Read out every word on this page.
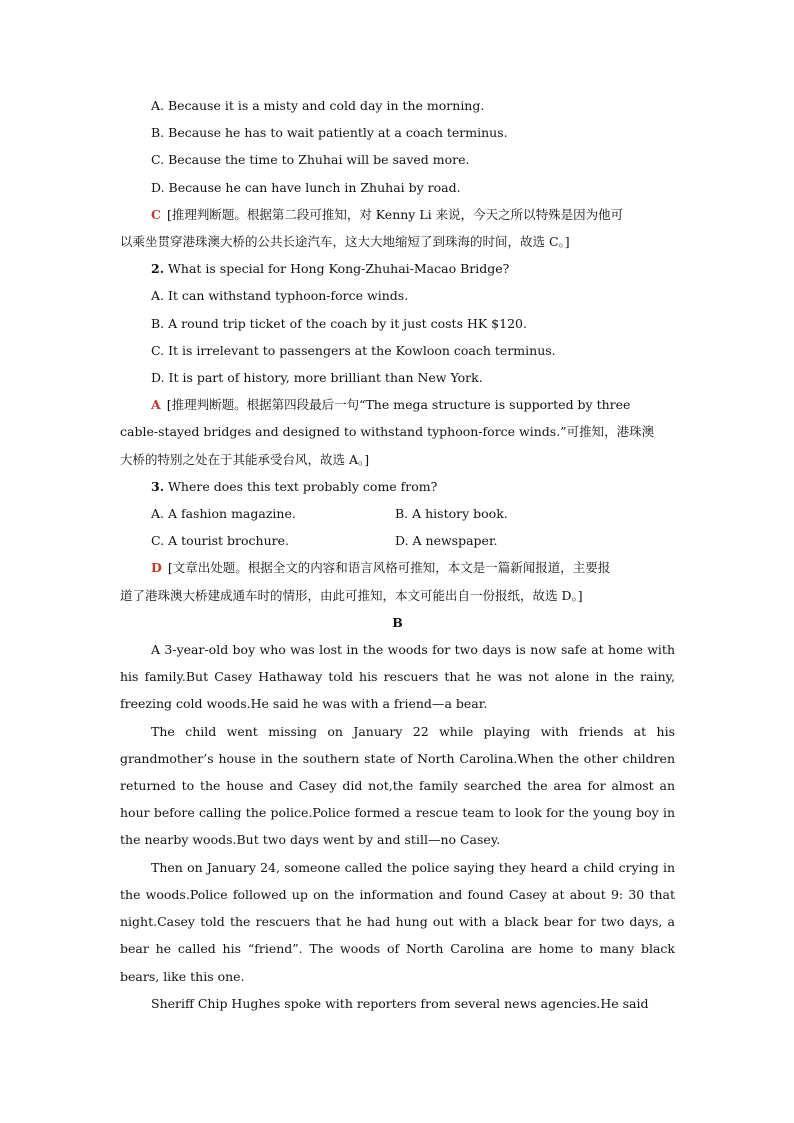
A. Because it is a misty and cold day in the morning.

B. Because he has to wait patiently at a coach terminus.

C. Because the time to Zhuhai will be saved more.

D. Because he can have lunch in Zhuhai by road.

C [推理判断题。根据第二段可推知，对 Kenny Li 来说，今天之所以特殊是因为他可
以乘坐贯穿港珠澳大桥的公共长途汽车，这大大地缩短了到珠海的时间，故选 C。]

2. What is special for Hong Kong-Zhuhai-Macao Bridge?

A. It can withstand typhoon-force winds.

B. A round trip ticket of the coach by it just costs HK $120.

C. It is irrelevant to passengers at the Kowloon coach terminus.

D. It is part of history, more brilliant than New York.

A [推理判断题。根据第四段最后一句“The mega structure is supported by three
cable-stayed bridges and designed to withstand typhoon-force winds.”可推知，港珠澳
大桥的特别之处在于其能承受台风，故选 A。]

3. Where does this text probably come from?

A. A fashion magazine.	B. A history book.
C. A tourist brochure.	D. A newspaper.

D [文章出处题。根据全文的内容和语言风格可推知，本文是一篇新闻报道，主要报
道了港珠澳大桥建成通车时的情形，由此可推知，本文可能出自一份报纸，故选 D。]

B

A 3-year-old boy who was lost in the woods for two days is now safe at home with his family.But Casey Hathaway told his rescuers that he was not alone in the rainy, freezing cold woods.He said he was with a friend—a bear.

The child went missing on January 22 while playing with friends at his grandmother’s house in the southern state of North Carolina.When the other children returned to the house and Casey did not,the family searched the area for almost an hour before calling the police.Police formed a rescue team to look for the young boy in the nearby woods.But two days went by and still—no Casey.

Then on January 24, someone called the police saying they heard a child crying in the woods.Police followed up on the information and found Casey at about 9: 30 that night.Casey told the rescuers that he had hung out with a black bear for two days, a bear he called his “friend”. The woods of North Carolina are home to many black bears, like this one.

Sheriff Chip Hughes spoke with reporters from several news agencies.He said
